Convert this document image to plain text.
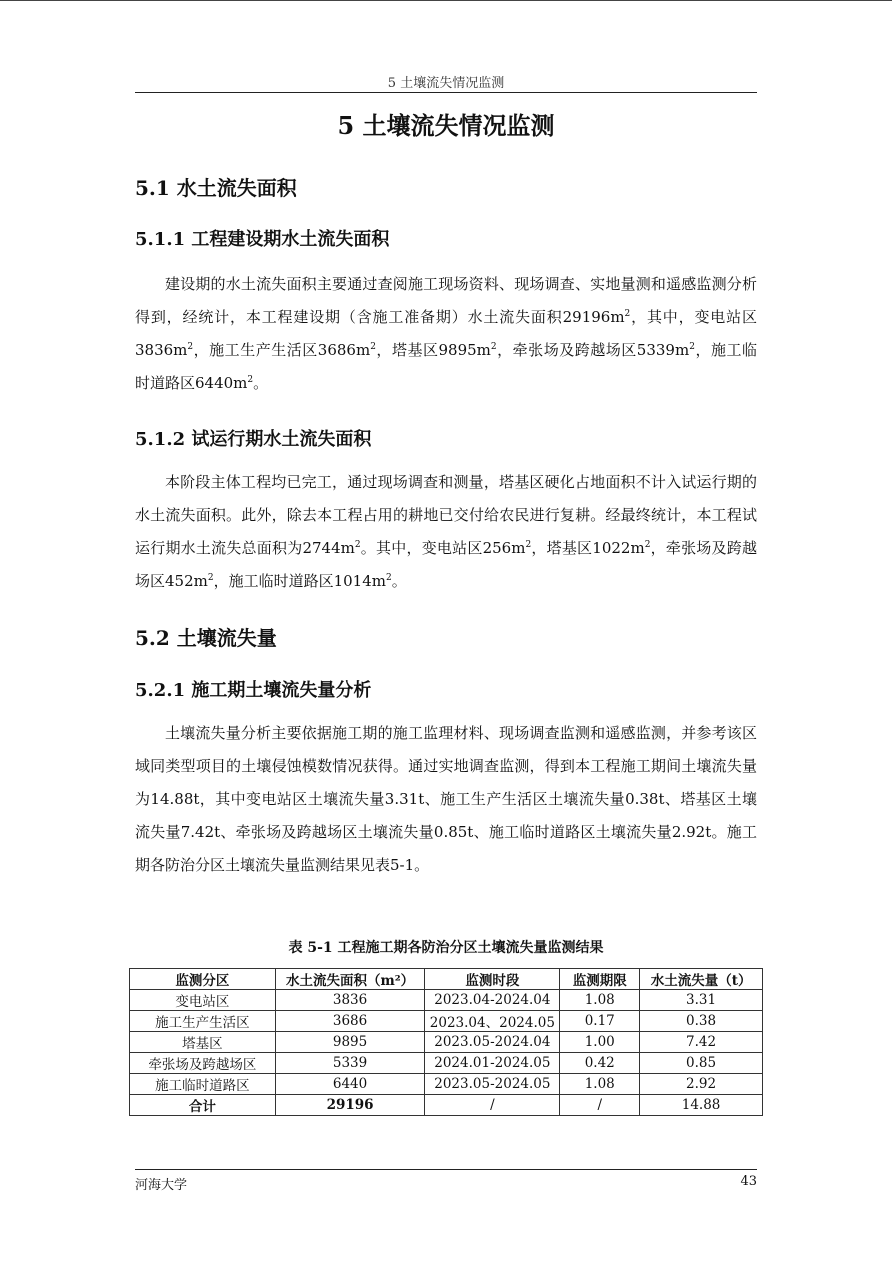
5 土壤流失情况监测
5 土壤流失情况监测
5.1 水土流失面积
5.1.1 工程建设期水土流失面积
建设期的水土流失面积主要通过查阅施工现场资料、现场调查、实地量测和遥感监测分析得到，经统计，本工程建设期（含施工准备期）水土流失面积$29196m^2$，其中，变电站区$3836m^2$，施工生产生活区$3686m^2$，塔基区$9895m^2$，牵张场及跨越场区$5339m^2$，施工临时道路区$6440m^2$。
5.1.2 试运行期水土流失面积
本阶段主体工程均已完工，通过现场调查和测量，塔基区硬化占地面积不计入试运行期的水土流失面积。此外，除去本工程占用的耕地已交付给农民进行复耕。经最终统计，本工程试运行期水土流失总面积为$2744m^2$。其中，变电站区$256m^2$，塔基区$1022m^2$，牵张场及跨越场区$452m^2$，施工临时道路区$1014m^2$。
5.2 土壤流失量
5.2.1 施工期土壤流失量分析
土壤流失量分析主要依据施工期的施工监理材料、现场调查监测和遥感监测，并参考该区域同类型项目的土壤侵蚀模数情况获得。通过实地调查监测，得到本工程施工期间土壤流失量为14.88t，其中变电站区土壤流失量3.31t、施工生产生活区土壤流失量0.38t、塔基区土壤流失量7.42t、牵张场及跨越场区土壤流失量0.85t、施工临时道路区土壤流失量2.92t。施工期各防治分区土壤流失量监测结果见表5-1。
表 5-1 工程施工期各防治分区土壤流失量监测结果
监测分区	水土流失面积（m²）	监测时段	监测期限	水土流失量（t）
变电站区	3836	2023.04-2024.04	1.08	3.31
施工生产生活区	3686	2023.04、2024.05	0.17	0.38
塔基区	9895	2023.05-2024.04	1.00	7.42
牵张场及跨越场区	5339	2024.01-2024.05	0.42	0.85
施工临时道路区	6440	2023.05-2024.05	1.08	2.92
合计	29196	/	/	14.88
河海大学	43
